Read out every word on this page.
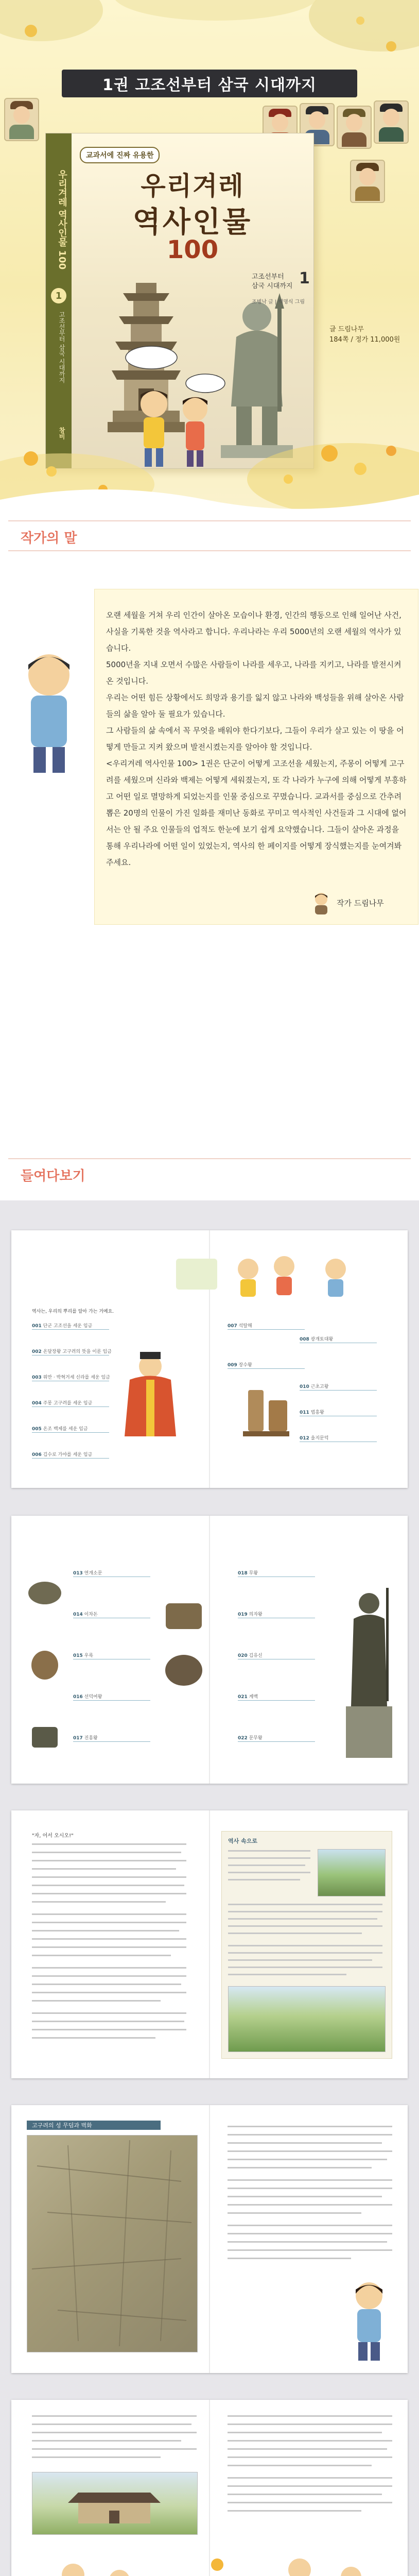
1권 고조선부터 삼국 시대까지
우리겨레 역사인물 100
1
고조선부터 삼국 시대까지
창비
교과서에 진짜 유용한
우리겨레
역사인물
100
고조선부터
삼국 시대까지 1
조병낙 글 | 백명식 그림
글 드림나무
184쪽 / 정가 11,000원
작가의 말

오랜 세월을 거쳐 우리 인간이 살아온 모습이나 환경, 인간의 행동으로 인해 일어난 사건, 사실을 기록한 것을 역사라고 합니다. 우리나라는 우리 5000년의 오랜 세월의 역사가 있습니다.

5000년을 지내 오면서 수많은 사람들이 나라를 세우고, 나라를 지키고, 나라를 발전시켜 온 것입니다.

우리는 어떤 힘든 상황에서도 희망과 용기를 잃지 않고 나라와 백성들을 위해 살아온 사람들의 삶을 알아 둘 필요가 있습니다.

그 사람들의 삶 속에서 꼭 무엇을 배워야 한다기보다, 그들이 우리가 살고 있는 이 땅을 어떻게 만들고 지켜 왔으며 발전시켰는지를 알아야 할 것입니다.

<우리겨레 역사인물 100> 1권은 단군이 어떻게 고조선을 세웠는지, 주몽이 어떻게 고구려를 세웠으며 신라와 백제는 어떻게 세워졌는지, 또 각 나라가 누구에 의해 어떻게 부흥하고 어떤 일로 멸망하게 되었는지를 인물 중심으로 꾸몄습니다. 교과서를 중심으로 간추려 뽑은 20명의 인물이 가진 일화를 재미난 동화로 꾸미고 역사적인 사건들과 그 시대에 없어서는 안 될 주요 인물들의 업적도 한눈에 보기 쉽게 요약했습니다. 그들이 살아온 과정을 통해 우리나라에 어떤 일이 있었는지, 역사의 한 페이지를 어떻게 장식했는지를 눈여겨봐 주세요.

작가 드림나무
들여다보기
역사는, 우리의 뿌리를 알아 가는 거예요.
001 단군 고조선을 세운 임금
002 온달장왕 고구려의 뜻을 이룬 임금
003 위만 · 박혁거세 신라를 세운 임금
004 주몽 고구려를 세운 임금
005 온조 백제를 세운 임금
006 김수로 가야를 세운 임금
007 석탈해
008 광개토대왕
009 장수왕
010 근초고왕
011 법흥왕
012 을지문덕
013 연개소문
014 이차돈
015 우륵
016 선덕여왕
017 진흥왕
018 무왕
019 의자왕
020 김유신
021 계백
022 문무왕
"자, 어서 오시오!"
역사 속으로
고구려의 성 무덤과 벽화
